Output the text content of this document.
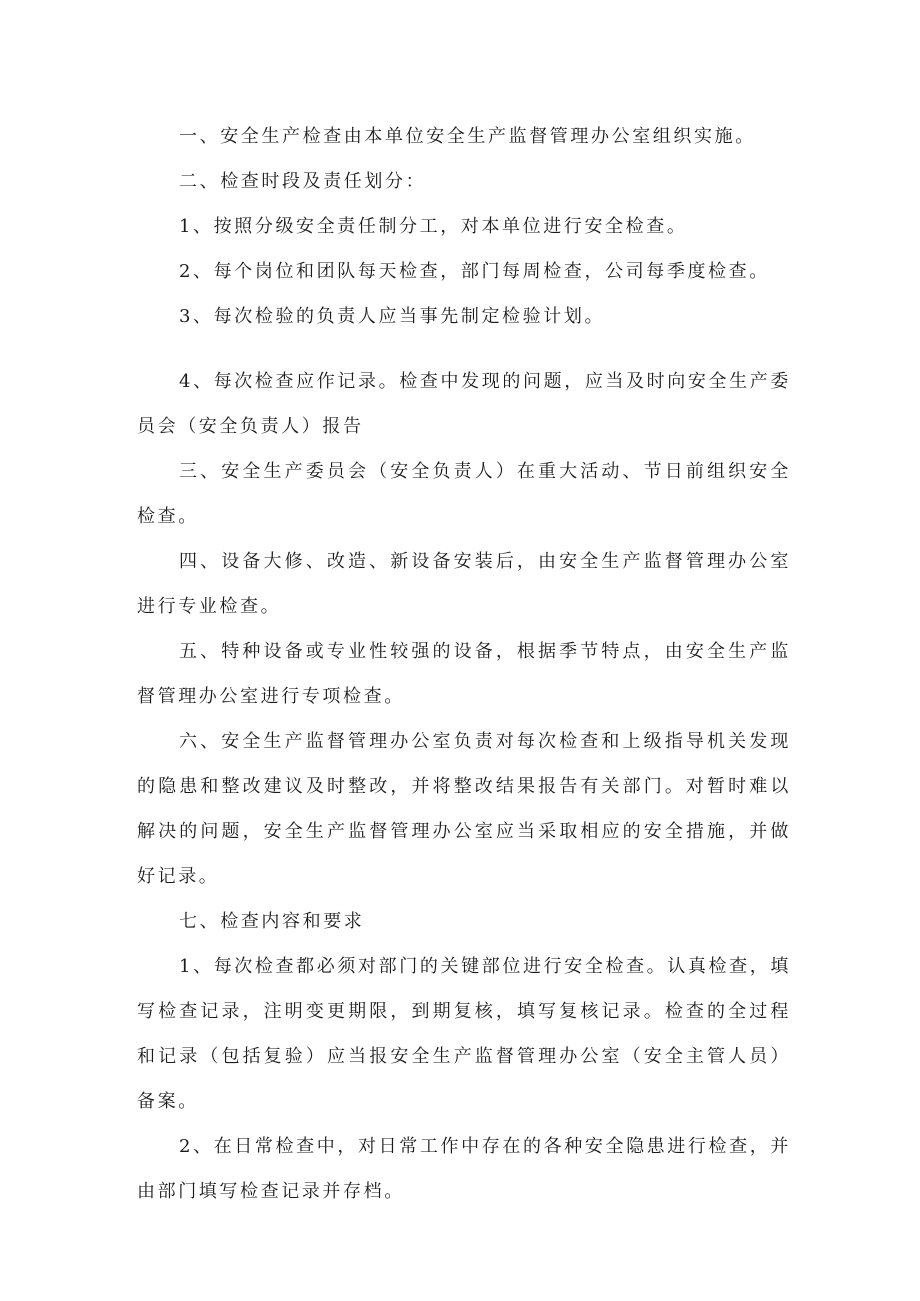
一、安全生产检查由本单位安全生产监督管理办公室组织实施。

二、检查时段及责任划分：

1、按照分级安全责任制分工，对本单位进行安全检查。

2、每个岗位和团队每天检查，部门每周检查，公司每季度检查。

3、每次检验的负责人应当事先制定检验计划。

4、每次检查应作记录。检查中发现的问题，应当及时向安全生产委员会（安全负责人）报告

三、安全生产委员会（安全负责人）在重大活动、节日前组织安全检查。

四、设备大修、改造、新设备安装后，由安全生产监督管理办公室进行专业检查。

五、特种设备或专业性较强的设备，根据季节特点，由安全生产监督管理办公室进行专项检查。

六、安全生产监督管理办公室负责对每次检查和上级指导机关发现的隐患和整改建议及时整改，并将整改结果报告有关部门。对暂时难以解决的问题，安全生产监督管理办公室应当采取相应的安全措施，并做好记录。

七、检查内容和要求

1、每次检查都必须对部门的关键部位进行安全检查。认真检查，填写检查记录，注明变更期限，到期复核，填写复核记录。检查的全过程和记录（包括复验）应当报安全生产监督管理办公室（安全主管人员）备案。

2、在日常检查中，对日常工作中存在的各种安全隐患进行检查，并由部门填写检查记录并存档。
